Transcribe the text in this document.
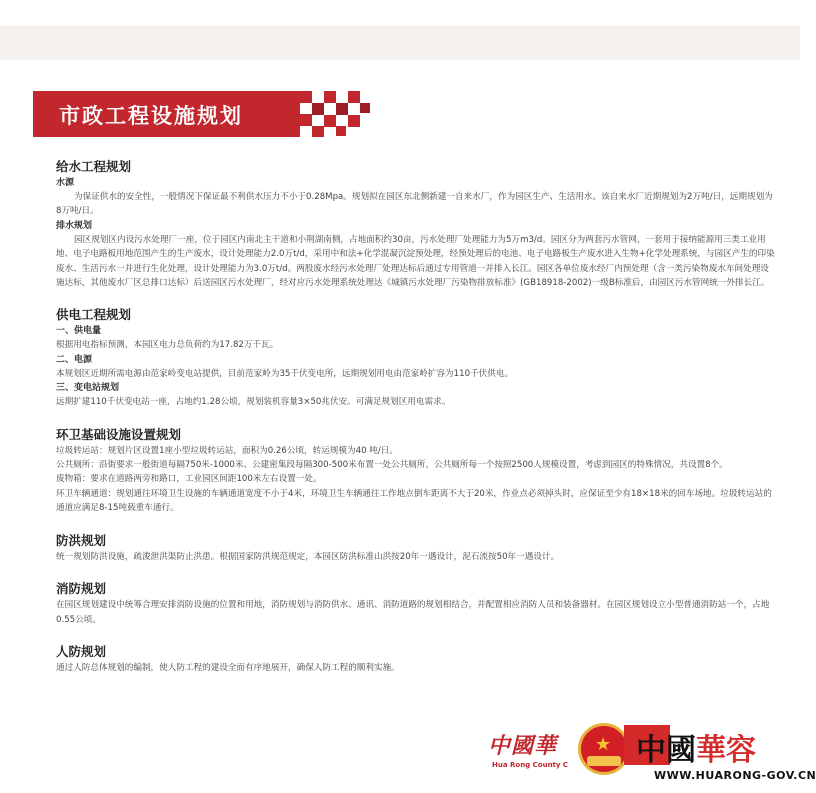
市政工程设施规划
给水工程规划
水源
为保证供水的安全性，一般情况下保证最不利供水压力不小于0.28Mpa。规划拟在园区东北侧新建一自来水厂，作为园区生产、生活用水。该自来水厂近期规划为2万吨/日，远期规划为8万吨/日。
排水规划
园区规划区内设污水处理厂一座，位于园区内南北主干道和小荆湖南侧，占地面积约30亩，污水处理厂处理能力为5万m3/d。园区分为两套污水管网，一套用于接纳能源用三类工业用地、电子电路板用地范围产生的生产废水，设计处理能力2.0万t/d，采用中和法+化学混凝沉淀预处理，经预处理后的电池、电子电路板生产废水进入生物+化学处理系统，与园区产生的印染废水、生活污水一并进行生化处理，设计处理能力为3.0万t/d。两股废水经污水处理厂处理达标后通过专用管道一并排入长江。园区各单位废水经厂内预处理（含一类污染物废水车间处理设施达标，其他废水厂区总排口达标）后送园区污水处理厂，经对应污水处理系统处理达《城镇污水处理厂污染物排放标准》(GB18918-2002)一级B标准后，由园区污水管网统一外排长江。
供电工程规划
一、供电量
根据用电指标预测，本园区电力总负荷约为17.82万千瓦。
二、电源
本规划区近期所需电源由范家岭变电站提供，目前范家岭为35千伏变电所，远期规划用电由范家岭扩容为110千伏供电。
三、变电站规划
远期扩建110千伏变电站一座，占地约1.28公顷，规划装机容量3×50兆伏安。可满足规划区用电需求。
环卫基础设施设置规划
垃圾转运站：规划片区设置1座小型垃圾转运站，面积为0.26公顷，转运规模为40 吨/日。
公共厕所：沿街要求一般街道每隔750米-1000米、公建密集段每隔300-500米布置一处公共厕所，公共厕所每一个按照2500人规模设置，考虑到园区的特殊情况，共设置8个。
废物箱：要求在道路两旁和路口，工业园区间距100米左右设置一处。
环卫车辆通道：规划通往环境卫生设施的车辆通道宽度不小于4米，环境卫生车辆通往工作地点倒车距离不大于20米，作业点必须掉头时，应保证至少有18×18米的回车场地。垃圾转运站的通道应满足8-15吨载重车通行。
防洪规划
统一规划防洪设施，疏浚泄洪渠防止洪患。根据国家防洪规范规定，本园区防洪标准山洪按20年一遇设计，泥石流按50年一遇设计。
消防规划
在园区规划建设中统筹合理安排消防设施的位置和用地，消防规划与消防供水、通讯、消防道路的规划相结合，并配置相应消防人员和装备器材。在园区规划设立小型普通消防站一个，占地0.55公顷。
人防规划
通过人防总体规划的编制，使人防工程的建设全面有序地展开，确保人防工程的顺利实施。
中國華
Hua Rong County C
★ 中國華容
WWW.HUARONG-GOV.CN
